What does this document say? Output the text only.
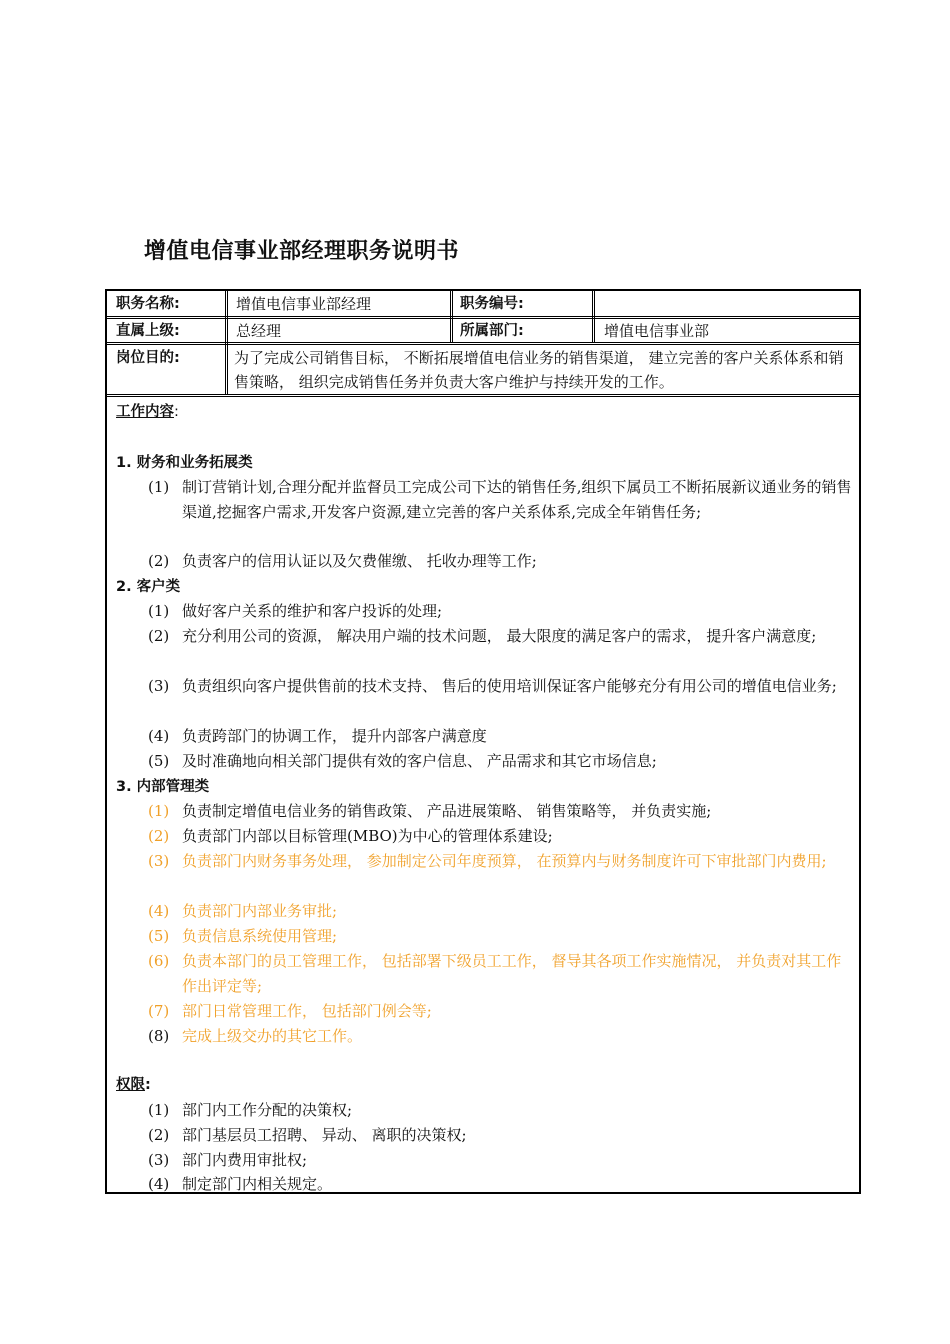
增值电信事业部经理职务说明书
职务名称:	增值电信事业部经理	职务编号:
直属上级:	总经理	所属部门:	增值电信事业部
岗位目的:	为了完成公司销售目标， 不断拓展增值电信业务的销售渠道， 建立完善的客户关系体系和销售策略， 组织完成销售任务并负责大客户维护与持续开发的工作。
工作内容:
1. 财务和业务拓展类
(1) 制订营销计划,合理分配并监督员工完成公司下达的销售任务,组织下属员工不断拓展新议通业务的销售渠道,挖掘客户需求,开发客户资源,建立完善的客户关系体系,完成全年销售任务;
(2) 负责客户的信用认证以及欠费催缴、 托收办理等工作;
2. 客户类
(1) 做好客户关系的维护和客户投诉的处理;
(2) 充分利用公司的资源， 解决用户端的技术问题， 最大限度的满足客户的需求， 提升客户满意度;
(3) 负责组织向客户提供售前的技术支持、 售后的使用培训保证客户能够充分有用公司的增值电信业务;
(4) 负责跨部门的协调工作， 提升内部客户满意度
(5) 及时准确地向相关部门提供有效的客户信息、 产品需求和其它市场信息;
3. 内部管理类
(1) 负责制定增值电信业务的销售政策、 产品进展策略、 销售策略等， 并负责实施;
(2) 负责部门内部以目标管理(MBO)为中心的管理体系建设;
(3) 负责部门内财务事务处理， 参加制定公司年度预算， 在预算内与财务制度许可下审批部门内费用;
(4) 负责部门内部业务审批;
(5) 负责信息系统使用管理;
(6) 负责本部门的员工管理工作， 包括部署下级员工工作， 督导其各项工作实施情况， 并负责对其工作作出评定等;
(7) 部门日常管理工作， 包括部门例会等;
(8) 完成上级交办的其它工作。
权限:
(1) 部门内工作分配的决策权;
(2) 部门基层员工招聘、 异动、 离职的决策权;
(3) 部门内费用审批权;
(4) 制定部门内相关规定。
